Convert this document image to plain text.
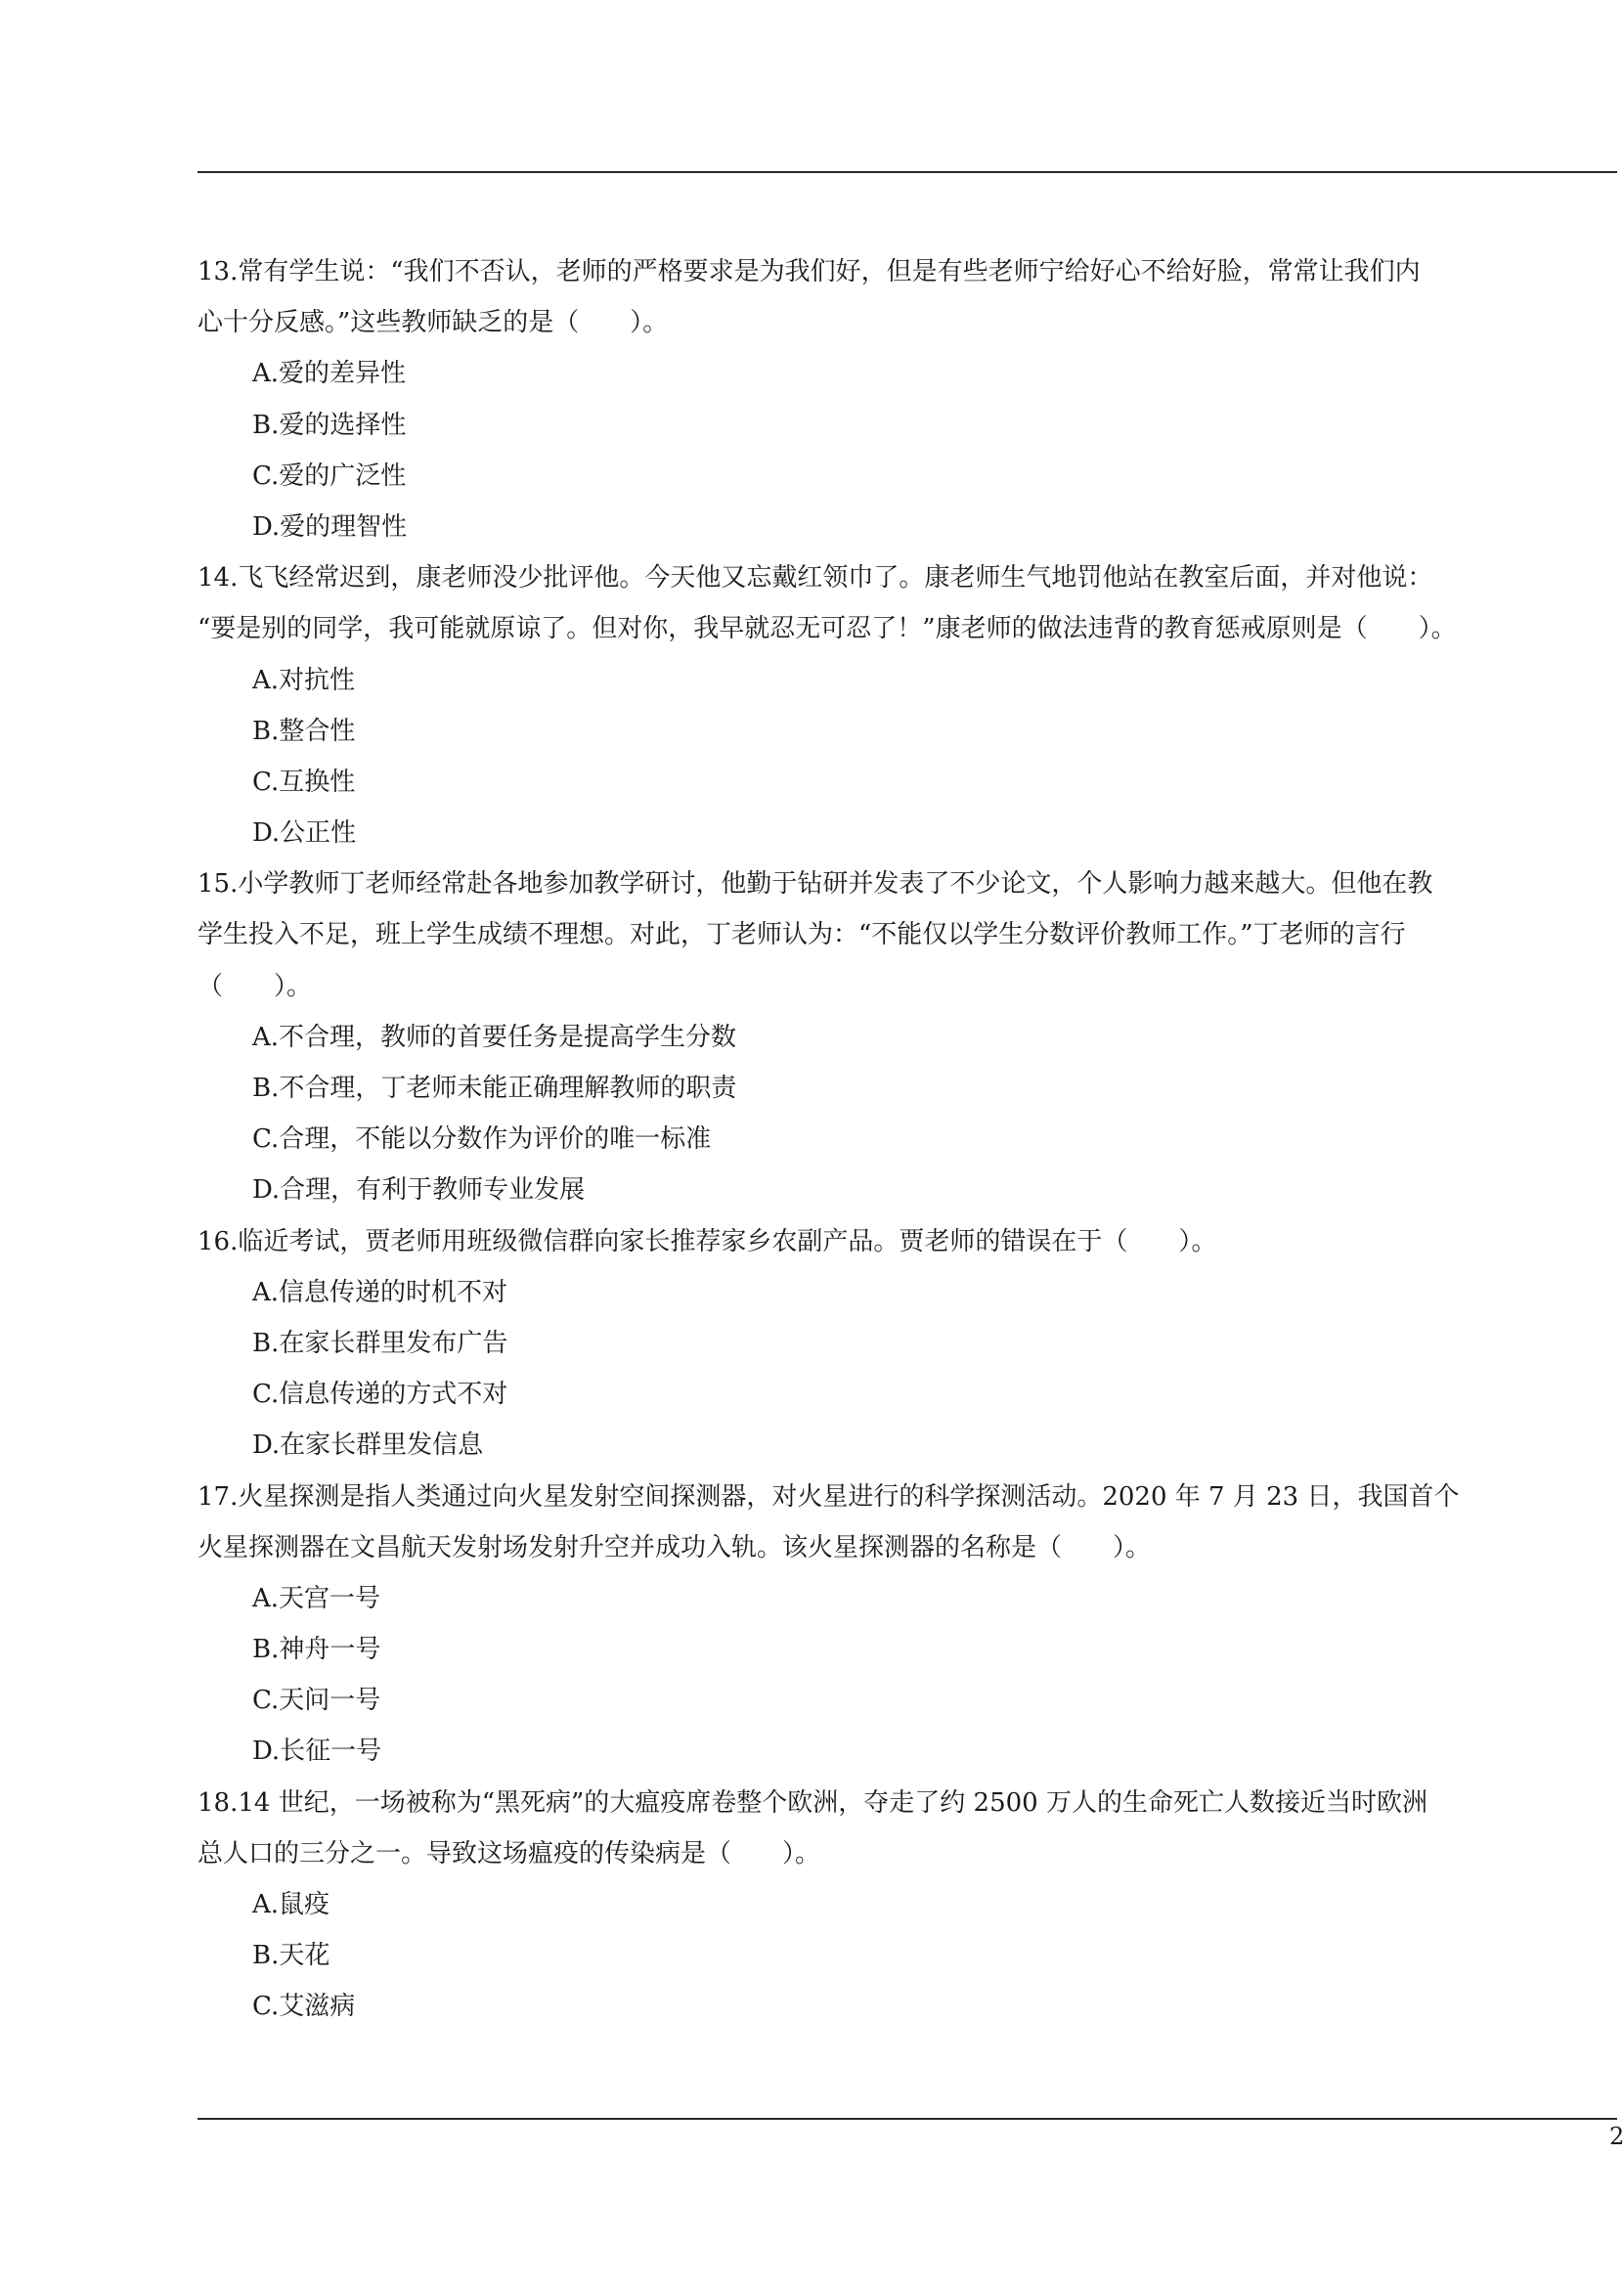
13.常有学生说：“我们不否认，老师的严格要求是为我们好，但是有些老师宁给好心不给好脸，常常让我们内
心十分反感。”这些教师缺乏的是（　　）。
A.爱的差异性
B.爱的选择性
C.爱的广泛性
D.爱的理智性
14.飞飞经常迟到，康老师没少批评他。今天他又忘戴红领巾了。康老师生气地罚他站在教室后面，并对他说：
“要是别的同学，我可能就原谅了。但对你，我早就忍无可忍了！”康老师的做法违背的教育惩戒原则是（　　）。
A.对抗性
B.整合性
C.互换性
D.公正性
15.小学教师丁老师经常赴各地参加教学研讨，他勤于钻研并发表了不少论文，个人影响力越来越大。但他在教
学生投入不足，班上学生成绩不理想。对此，丁老师认为：“不能仅以学生分数评价教师工作。”丁老师的言行
（　　）。
A.不合理，教师的首要任务是提高学生分数
B.不合理，丁老师未能正确理解教师的职责
C.合理，不能以分数作为评价的唯一标准
D.合理，有利于教师专业发展
16.临近考试，贾老师用班级微信群向家长推荐家乡农副产品。贾老师的错误在于（　　）。
A.信息传递的时机不对
B.在家长群里发布广告
C.信息传递的方式不对
D.在家长群里发信息
17.火星探测是指人类通过向火星发射空间探测器，对火星进行的科学探测活动。2020 年 7 月 23 日，我国首个
火星探测器在文昌航天发射场发射升空并成功入轨。该火星探测器的名称是（　　）。
A.天宫一号
B.神舟一号
C.天问一号
D.长征一号
18.14 世纪，一场被称为“黑死病”的大瘟疫席卷整个欧洲，夺走了约 2500 万人的生命死亡人数接近当时欧洲
总人口的三分之一。导致这场瘟疫的传染病是（　　）。
A.鼠疫
B.天花
C.艾滋病
2
